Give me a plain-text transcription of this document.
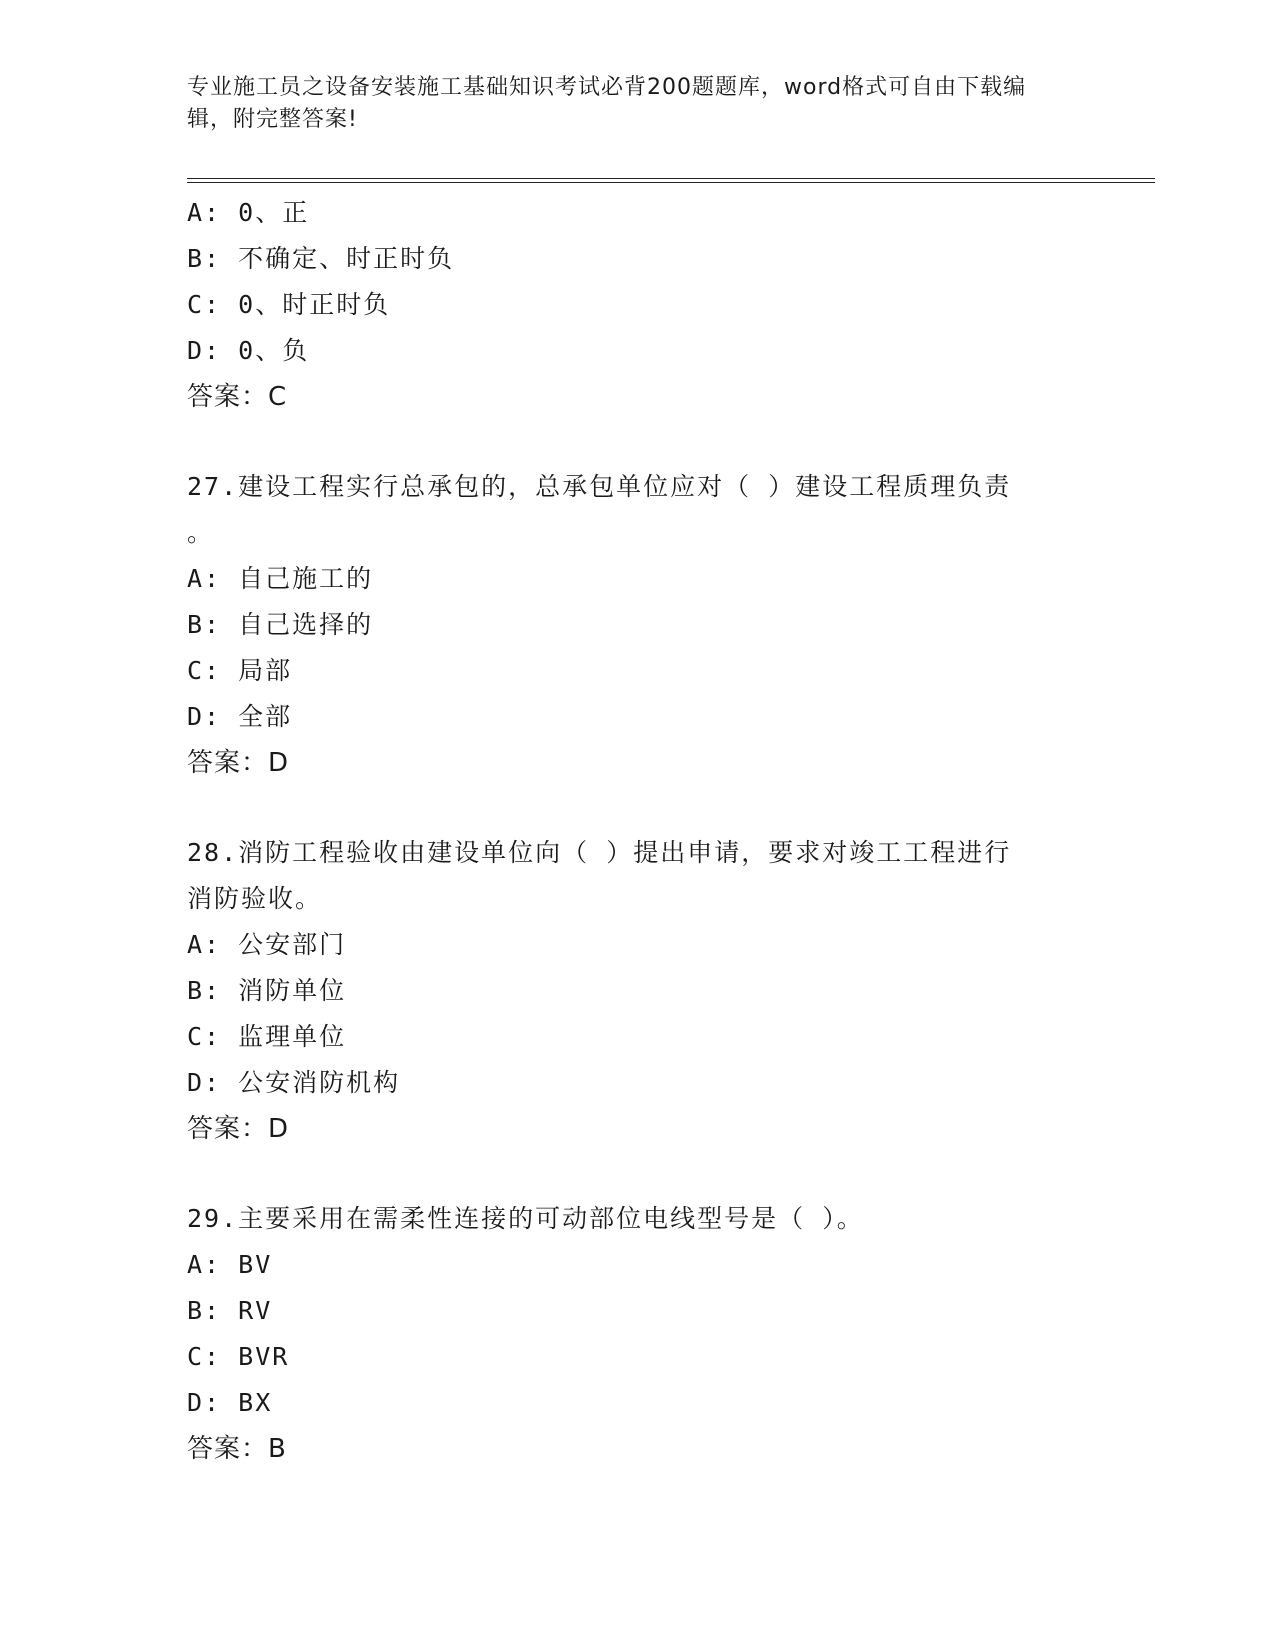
专业施工员之设备安装施工基础知识考试必背200题题库，word格式可自由下载编辑，附完整答案!
A: 0、正
B: 不确定、时正时负
C: 0、时正时负
D: 0、负
答案：C
27.建设工程实行总承包的，总承包单位应对（ ）建设工程质理负责
。
A: 自己施工的
B: 自己选择的
C: 局部
D: 全部
答案：D
28.消防工程验收由建设单位向（ ）提出申请，要求对竣工工程进行
消防验收。
A: 公安部门
B: 消防单位
C: 监理单位
D: 公安消防机构
答案：D
29.主要采用在需柔性连接的可动部位电线型号是（ ）。
A: BV
B: RV
C: BVR
D: BX
答案：B
